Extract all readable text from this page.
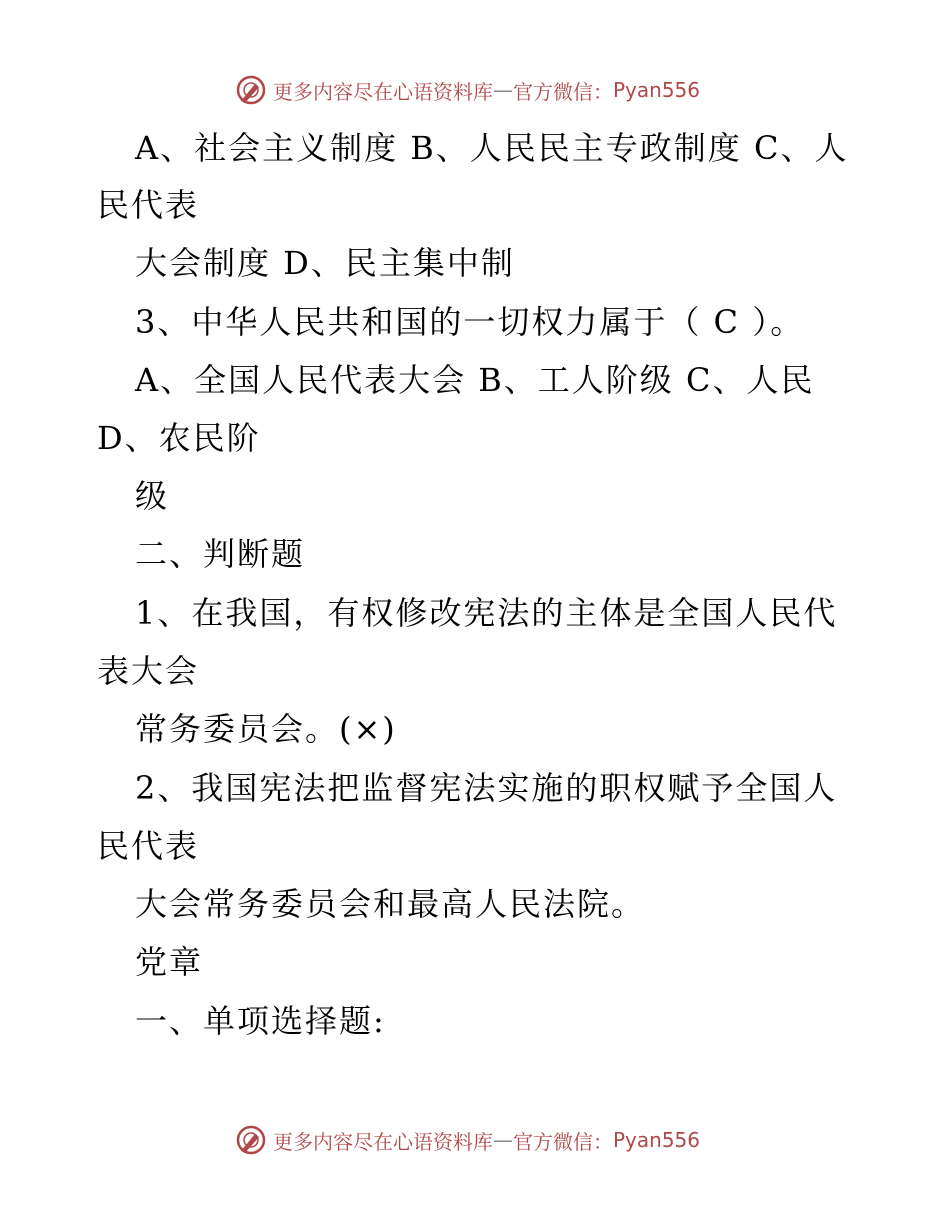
更多内容尽在心语资料库 — 官方微信： Pyan556
A、社会主义制度 B、人民民主专政制度 C、人
民代表
大会制度 D、民主集中制
3、中华人民共和国的一切权力属于（ C ）。
A、全国人民代表大会 B、工人阶级 C、人民
D、农民阶
级
二、判断题
1、在我国，有权修改宪法的主体是全国人民代
表大会
常务委员会。(×)
2、我国宪法把监督宪法实施的职权赋予全国人
民代表
大会常务委员会和最高人民法院。
党章
一、单项选择题:
更多内容尽在心语资料库 — 官方微信： Pyan556
